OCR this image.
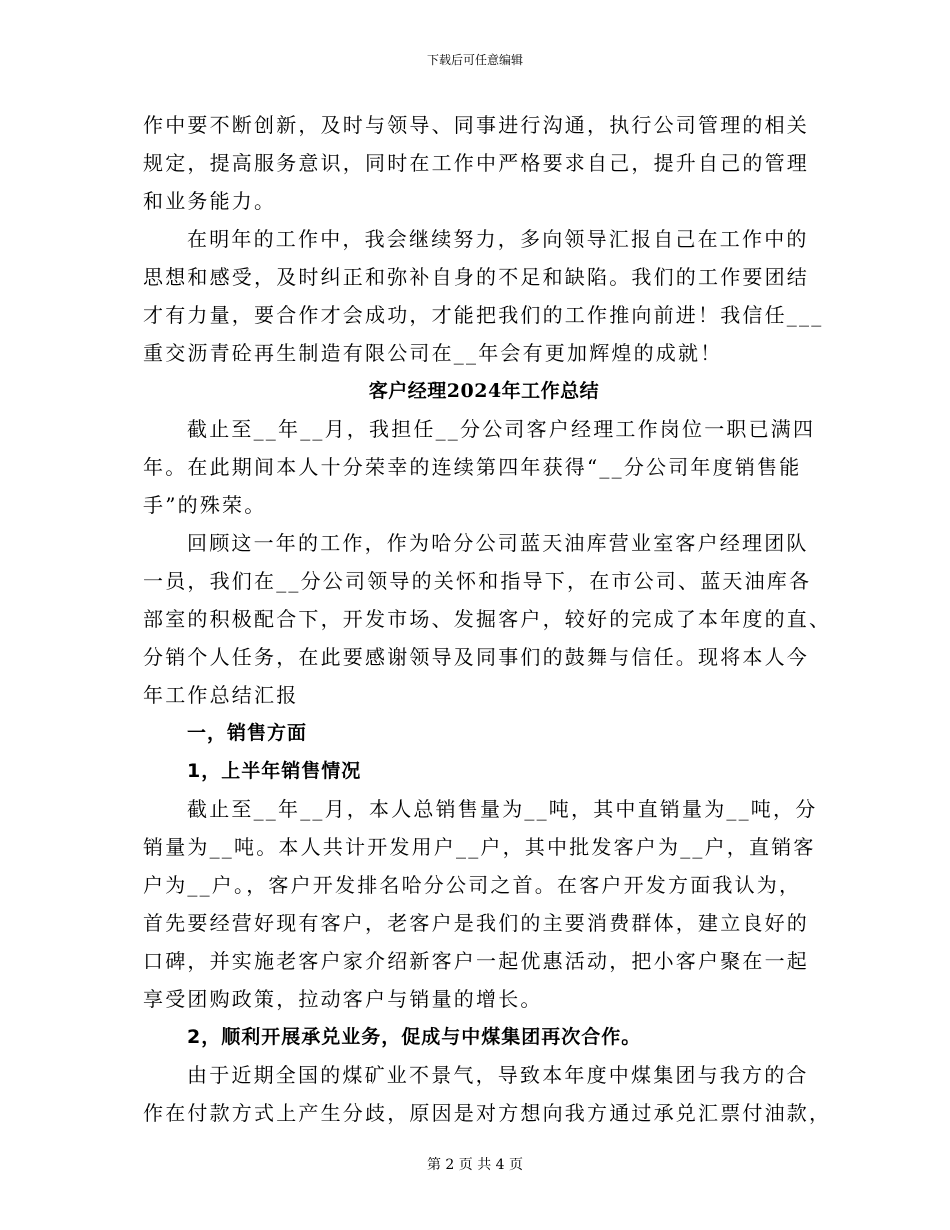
下载后可任意编辑
作中要不断创新，及时与领导、同事进行沟通，执行公司管理的相关
规定，提高服务意识，同时在工作中严格要求自己，提升自己的管理
和业务能力。
在明年的工作中，我会继续努力，多向领导汇报自己在工作中的
思想和感受，及时纠正和弥补自身的不足和缺陷。我们的工作要团结
才有力量，要合作才会成功，才能把我们的工作推向前进！我信任___
重交沥青砼再生制造有限公司在__年会有更加辉煌的成就！
客户经理2024年工作总结
截止至__年__月，我担任__分公司客户经理工作岗位一职已满四
年。在此期间本人十分荣幸的连续第四年获得“__分公司年度销售能
手”的殊荣。
回顾这一年的工作，作为哈分公司蓝天油库营业室客户经理团队
一员，我们在__分公司领导的关怀和指导下，在市公司、蓝天油库各
部室的积极配合下，开发市场、发掘客户，较好的完成了本年度的直、
分销个人任务，在此要感谢领导及同事们的鼓舞与信任。现将本人今
年工作总结汇报
一，销售方面
1，上半年销售情况
截止至__年__月，本人总销售量为__吨，其中直销量为__吨，分
销量为__吨。本人共计开发用户__户，其中批发客户为__户，直销客
户为__户。，客户开发排名哈分公司之首。在客户开发方面我认为，
首先要经营好现有客户，老客户是我们的主要消费群体，建立良好的
口碑，并实施老客户家介绍新客户一起优惠活动，把小客户聚在一起
享受团购政策，拉动客户与销量的增长。
2，顺利开展承兑业务，促成与中煤集团再次合作。
由于近期全国的煤矿业不景气，导致本年度中煤集团与我方的合
作在付款方式上产生分歧，原因是对方想向我方通过承兑汇票付油款，
第 2 页 共 4 页
